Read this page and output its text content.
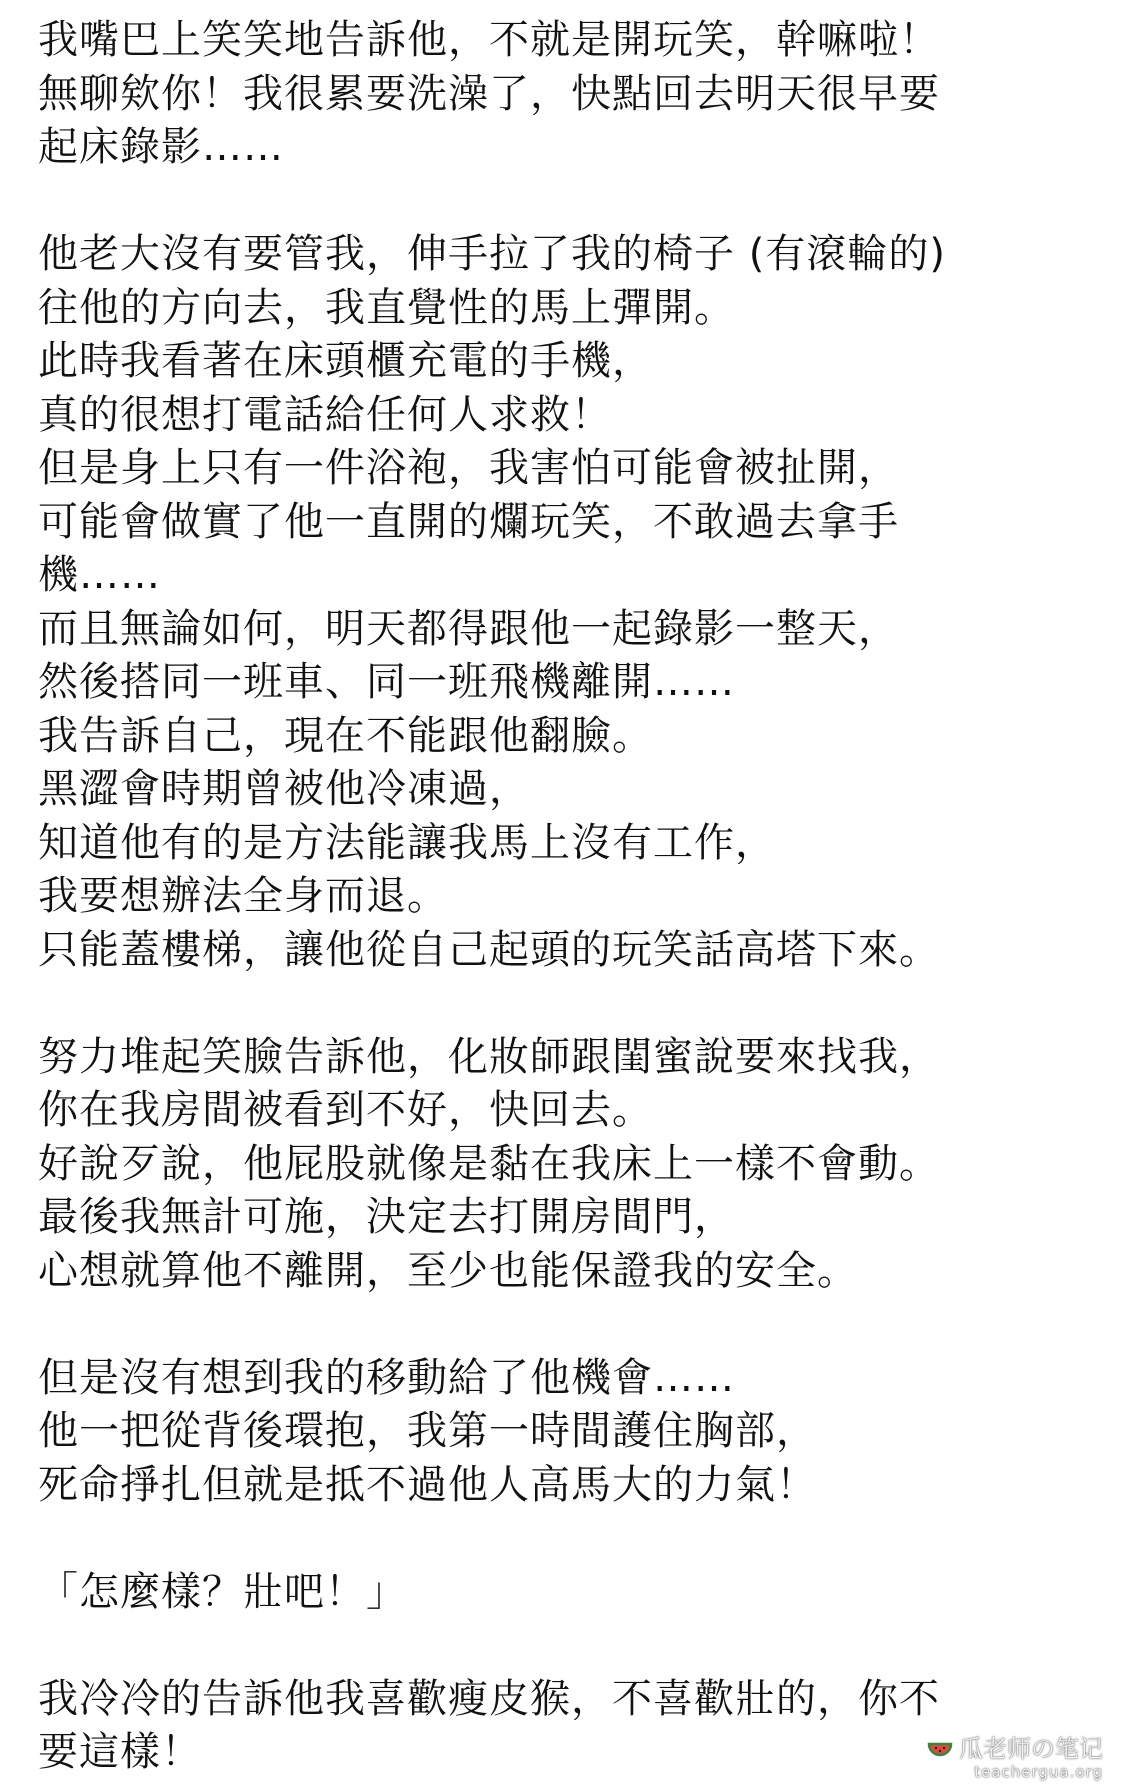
我嘴巴上笑笑地告訴他，不就是開玩笑，幹嘛啦！
無聊欸你！我很累要洗澡了，快點回去明天很早要
起床錄影……
他老大沒有要管我，伸手拉了我的椅子 (有滾輪的)
往他的方向去，我直覺性的馬上彈開。
此時我看著在床頭櫃充電的手機，
真的很想打電話給任何人求救！
但是身上只有一件浴袍，我害怕可能會被扯開，
可能會做實了他一直開的爛玩笑，不敢過去拿手
機……
而且無論如何，明天都得跟他一起錄影一整天，
然後搭同一班車、同一班飛機離開……
我告訴自己，現在不能跟他翻臉。
黑澀會時期曾被他冷凍過，
知道他有的是方法能讓我馬上沒有工作，
我要想辦法全身而退。
只能蓋樓梯，讓他從自己起頭的玩笑話高塔下來。
努力堆起笑臉告訴他，化妝師跟閨蜜說要來找我，
你在我房間被看到不好，快回去。
好說歹說，他屁股就像是黏在我床上一樣不會動。
最後我無計可施，決定去打開房間門，
心想就算他不離開，至少也能保證我的安全。
但是沒有想到我的移動給了他機會……
他一把從背後環抱，我第一時間護住胸部，
死命掙扎但就是抵不過他人高馬大的力氣！
「怎麼樣？壯吧！」
我冷冷的告訴他我喜歡瘦皮猴，不喜歡壯的，你不
要這樣！	瓜老师の笔记
teachergua.org
